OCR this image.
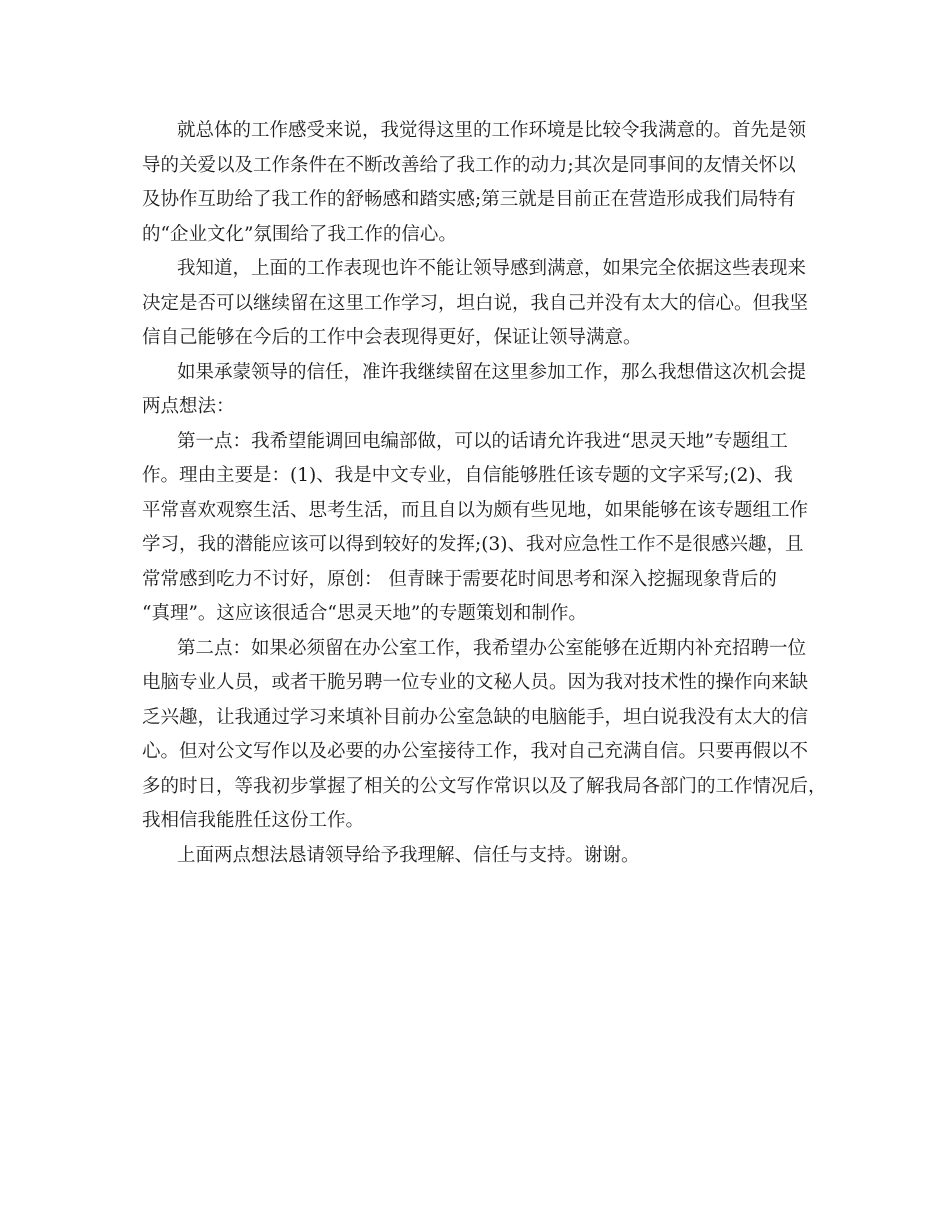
就总体的工作感受来说，我觉得这里的工作环境是比较令我满意的。首先是领
导的关爱以及工作条件在不断改善给了我工作的动力;其次是同事间的友情关怀以
及协作互助给了我工作的舒畅感和踏实感;第三就是目前正在营造形成我们局特有
的“企业文化”氛围给了我工作的信心。
我知道，上面的工作表现也许不能让领导感到满意，如果完全依据这些表现来
决定是否可以继续留在这里工作学习，坦白说，我自己并没有太大的信心。但我坚
信自己能够在今后的工作中会表现得更好，保证让领导满意。
如果承蒙领导的信任，准许我继续留在这里参加工作，那么我想借这次机会提
两点想法：
第一点：我希望能调回电编部做，可以的话请允许我进“思灵天地”专题组工
作。理由主要是：(1)、我是中文专业，自信能够胜任该专题的文字采写;(2)、我
平常喜欢观察生活、思考生活，而且自以为颇有些见地，如果能够在该专题组工作
学习，我的潜能应该可以得到较好的发挥;(3)、我对应急性工作不是很感兴趣，且
常常感到吃力不讨好，原创： 但青睐于需要花时间思考和深入挖掘现象背后的
“真理”。这应该很适合“思灵天地”的专题策划和制作。
第二点：如果必须留在办公室工作，我希望办公室能够在近期内补充招聘一位
电脑专业人员，或者干脆另聘一位专业的文秘人员。因为我对技术性的操作向来缺
乏兴趣，让我通过学习来填补目前办公室急缺的电脑能手，坦白说我没有太大的信
心。但对公文写作以及必要的办公室接待工作，我对自己充满自信。只要再假以不
多的时日，等我初步掌握了相关的公文写作常识以及了解我局各部门的工作情况后，
我相信我能胜任这份工作。
上面两点想法恳请领导给予我理解、信任与支持。谢谢。
